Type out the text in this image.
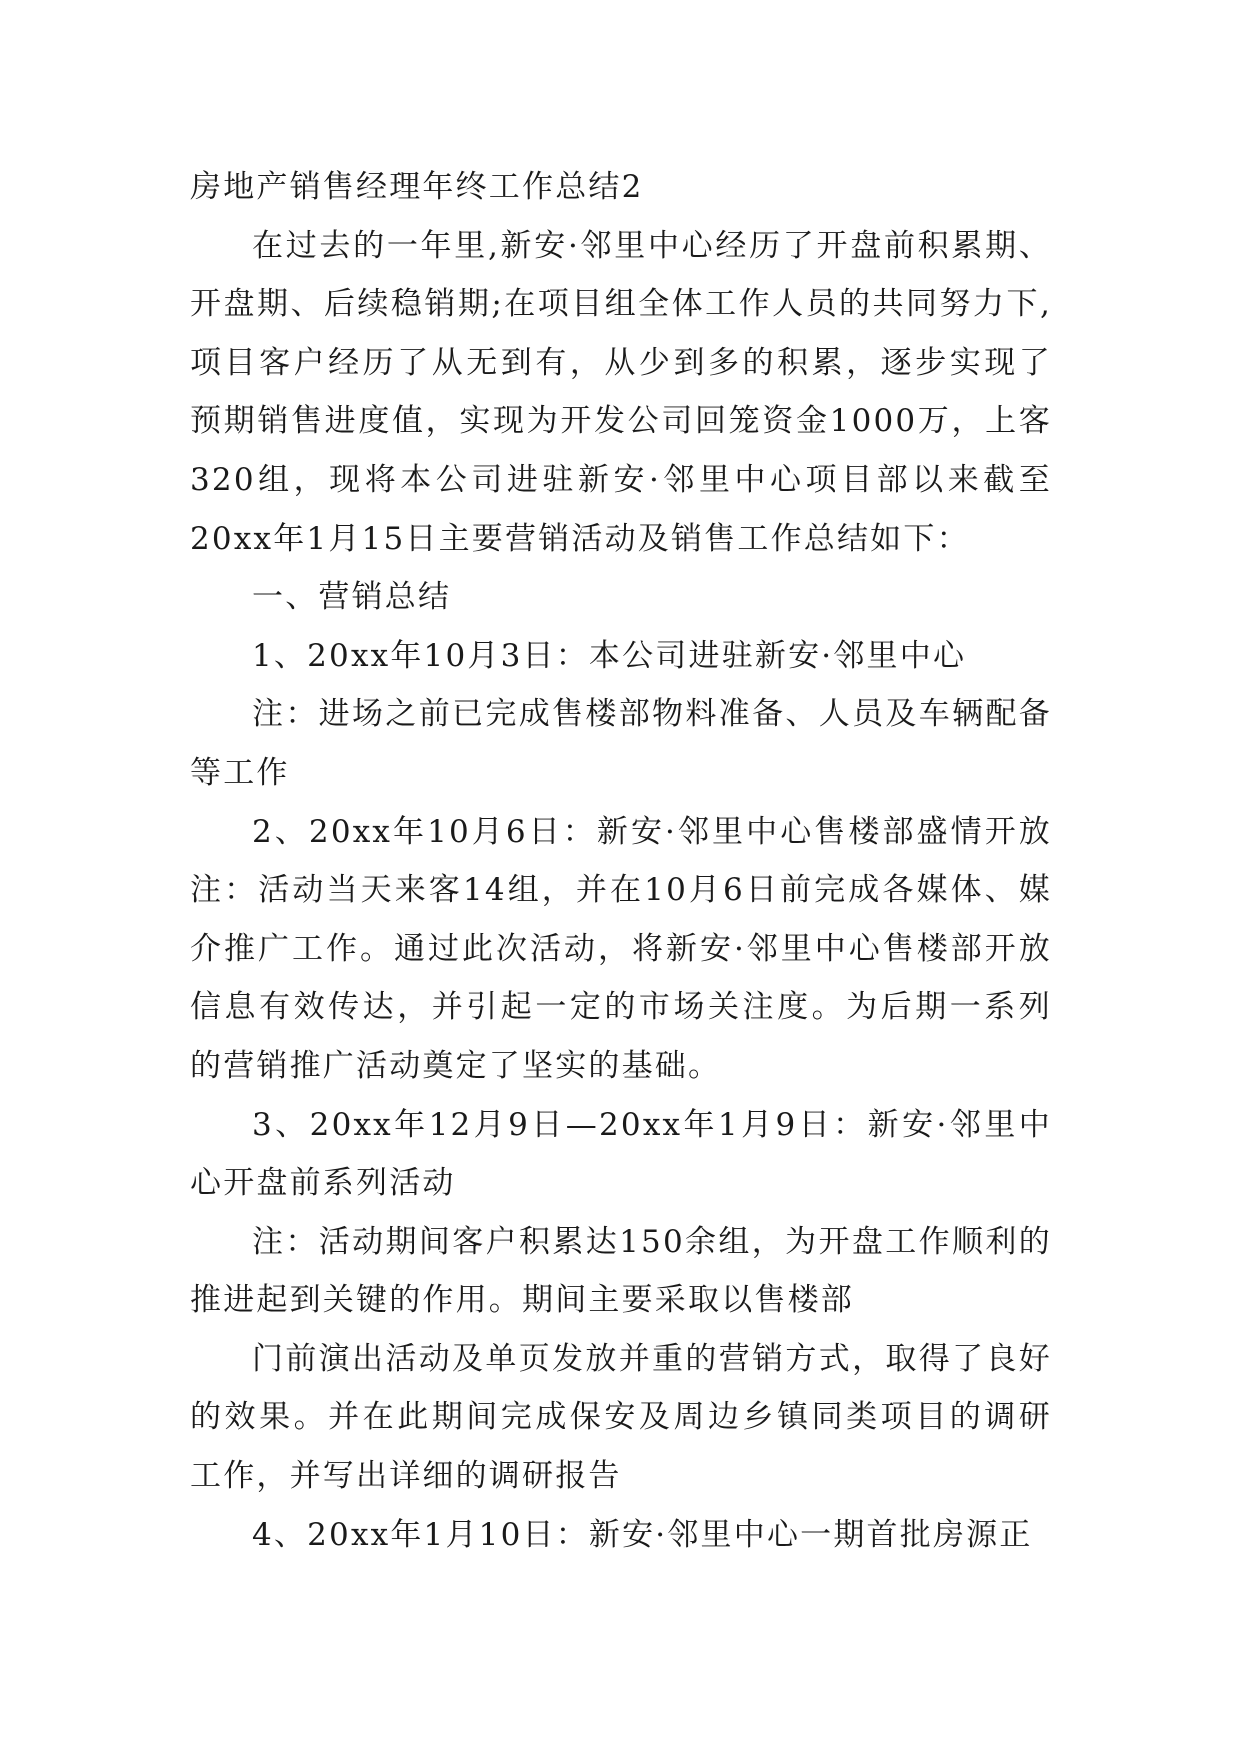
房地产销售经理年终工作总结2

在过去的一年里,新安·邻里中心经历了开盘前积累期、开盘期、后续稳销期;在项目组全体工作人员的共同努力下,项目客户经历了从无到有，从少到多的积累，逐步实现了预期销售进度值，实现为开发公司回笼资金1000万，上客320组，现将本公司进驻新安·邻里中心项目部以来截至20xx年1月15日主要营销活动及销售工作总结如下：

一、营销总结

1、20xx年10月3日：本公司进驻新安·邻里中心

注：进场之前已完成售楼部物料准备、人员及车辆配备等工作

2、20xx年10月6日：新安·邻里中心售楼部盛情开放注：活动当天来客14组，并在10月6日前完成各媒体、媒介推广工作。通过此次活动，将新安·邻里中心售楼部开放信息有效传达，并引起一定的市场关注度。为后期一系列的营销推广活动奠定了坚实的基础。

3、20xx年12月9日—20xx年1月9日：新安·邻里中心开盘前系列活动

注：活动期间客户积累达150余组，为开盘工作顺利的推进起到关键的作用。期间主要采取以售楼部

门前演出活动及单页发放并重的营销方式，取得了良好的效果。并在此期间完成保安及周边乡镇同类项目的调研工作，并写出详细的调研报告

4、20xx年1月10日：新安·邻里中心一期首批房源正
